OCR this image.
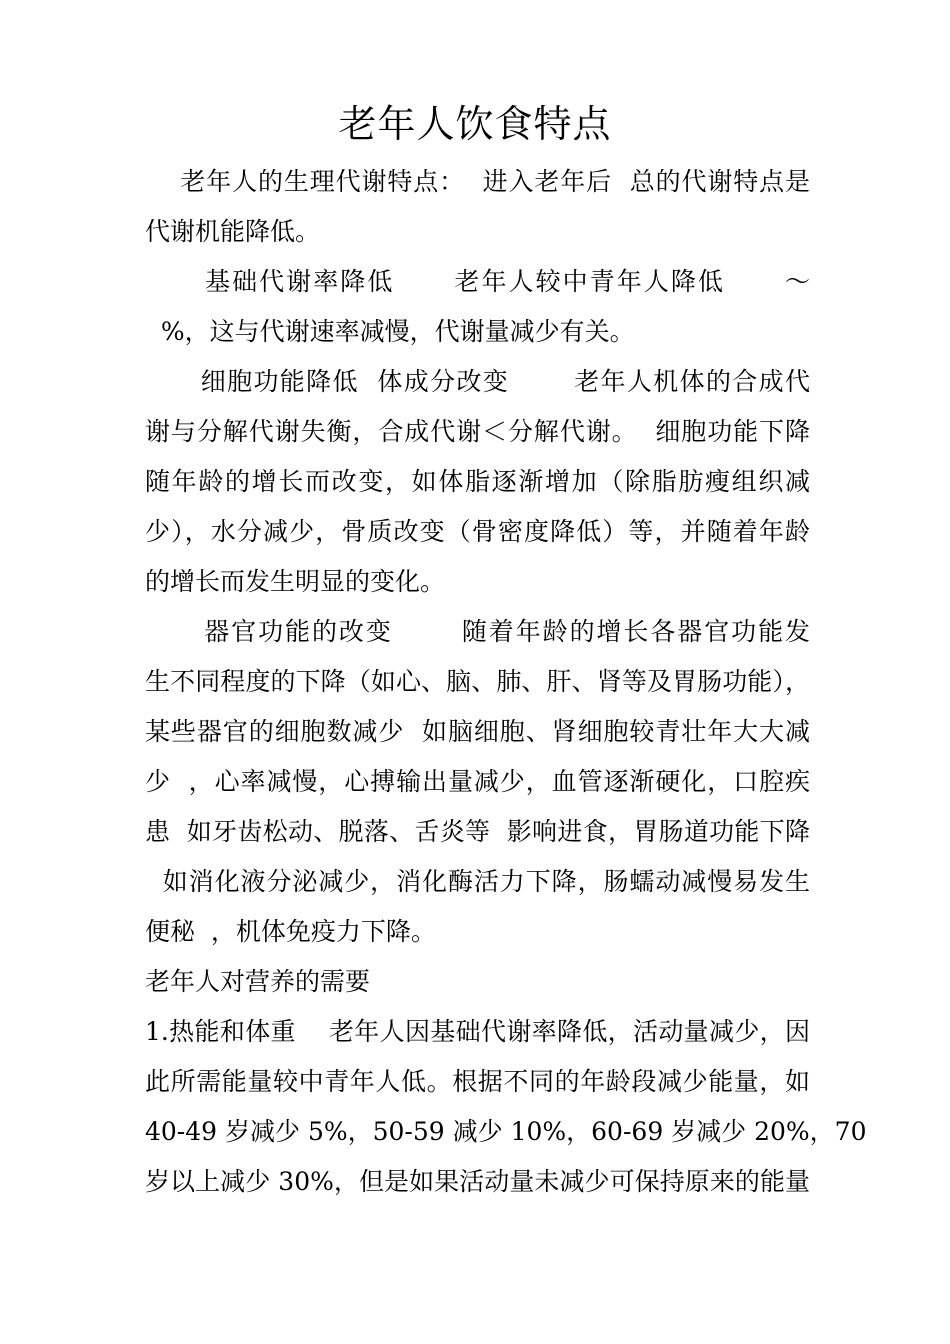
老年人饮食特点

老年人的生理代谢特点：  进入老年后  总的代谢特点是

代谢机能降低。

基础代谢率降低      老年人较中青年人降低      ～

%，这与代谢速率减慢，代谢量减少有关。

细胞功能降低  体成分改变       老年人机体的合成代

谢与分解代谢失衡，合成代谢＜分解代谢。  细胞功能下降

随年龄的增长而改变，如体脂逐渐增加（除脂肪瘦组织减

少），水分减少，骨质改变（骨密度降低）等，并随着年龄

的增长而发生明显的变化。

器官功能的改变       随着年龄的增长各器官功能发

生不同程度的下降（如心、脑、肺、肝、肾等及胃肠功能），

某些器官的细胞数减少  如脑细胞、肾细胞较青壮年大大减

少  ，心率减慢，心搏输出量减少，血管逐渐硬化，口腔疾

患  如牙齿松动、脱落、舌炎等  影响进食，胃肠道功能下降

如消化液分泌减少，消化酶活力下降，肠蠕动减慢易发生

便秘  ，机体免疫力下降。

老年人对营养的需要

1.热能和体重    老年人因基础代谢率降低，活动量减少，因

此所需能量较中青年人低。根据不同的年龄段减少能量，如

40-49 岁减少 5%，50-59 减少 10%，60-69 岁减少 20%，70

岁以上减少 30%，但是如果活动量未减少可保持原来的能量
